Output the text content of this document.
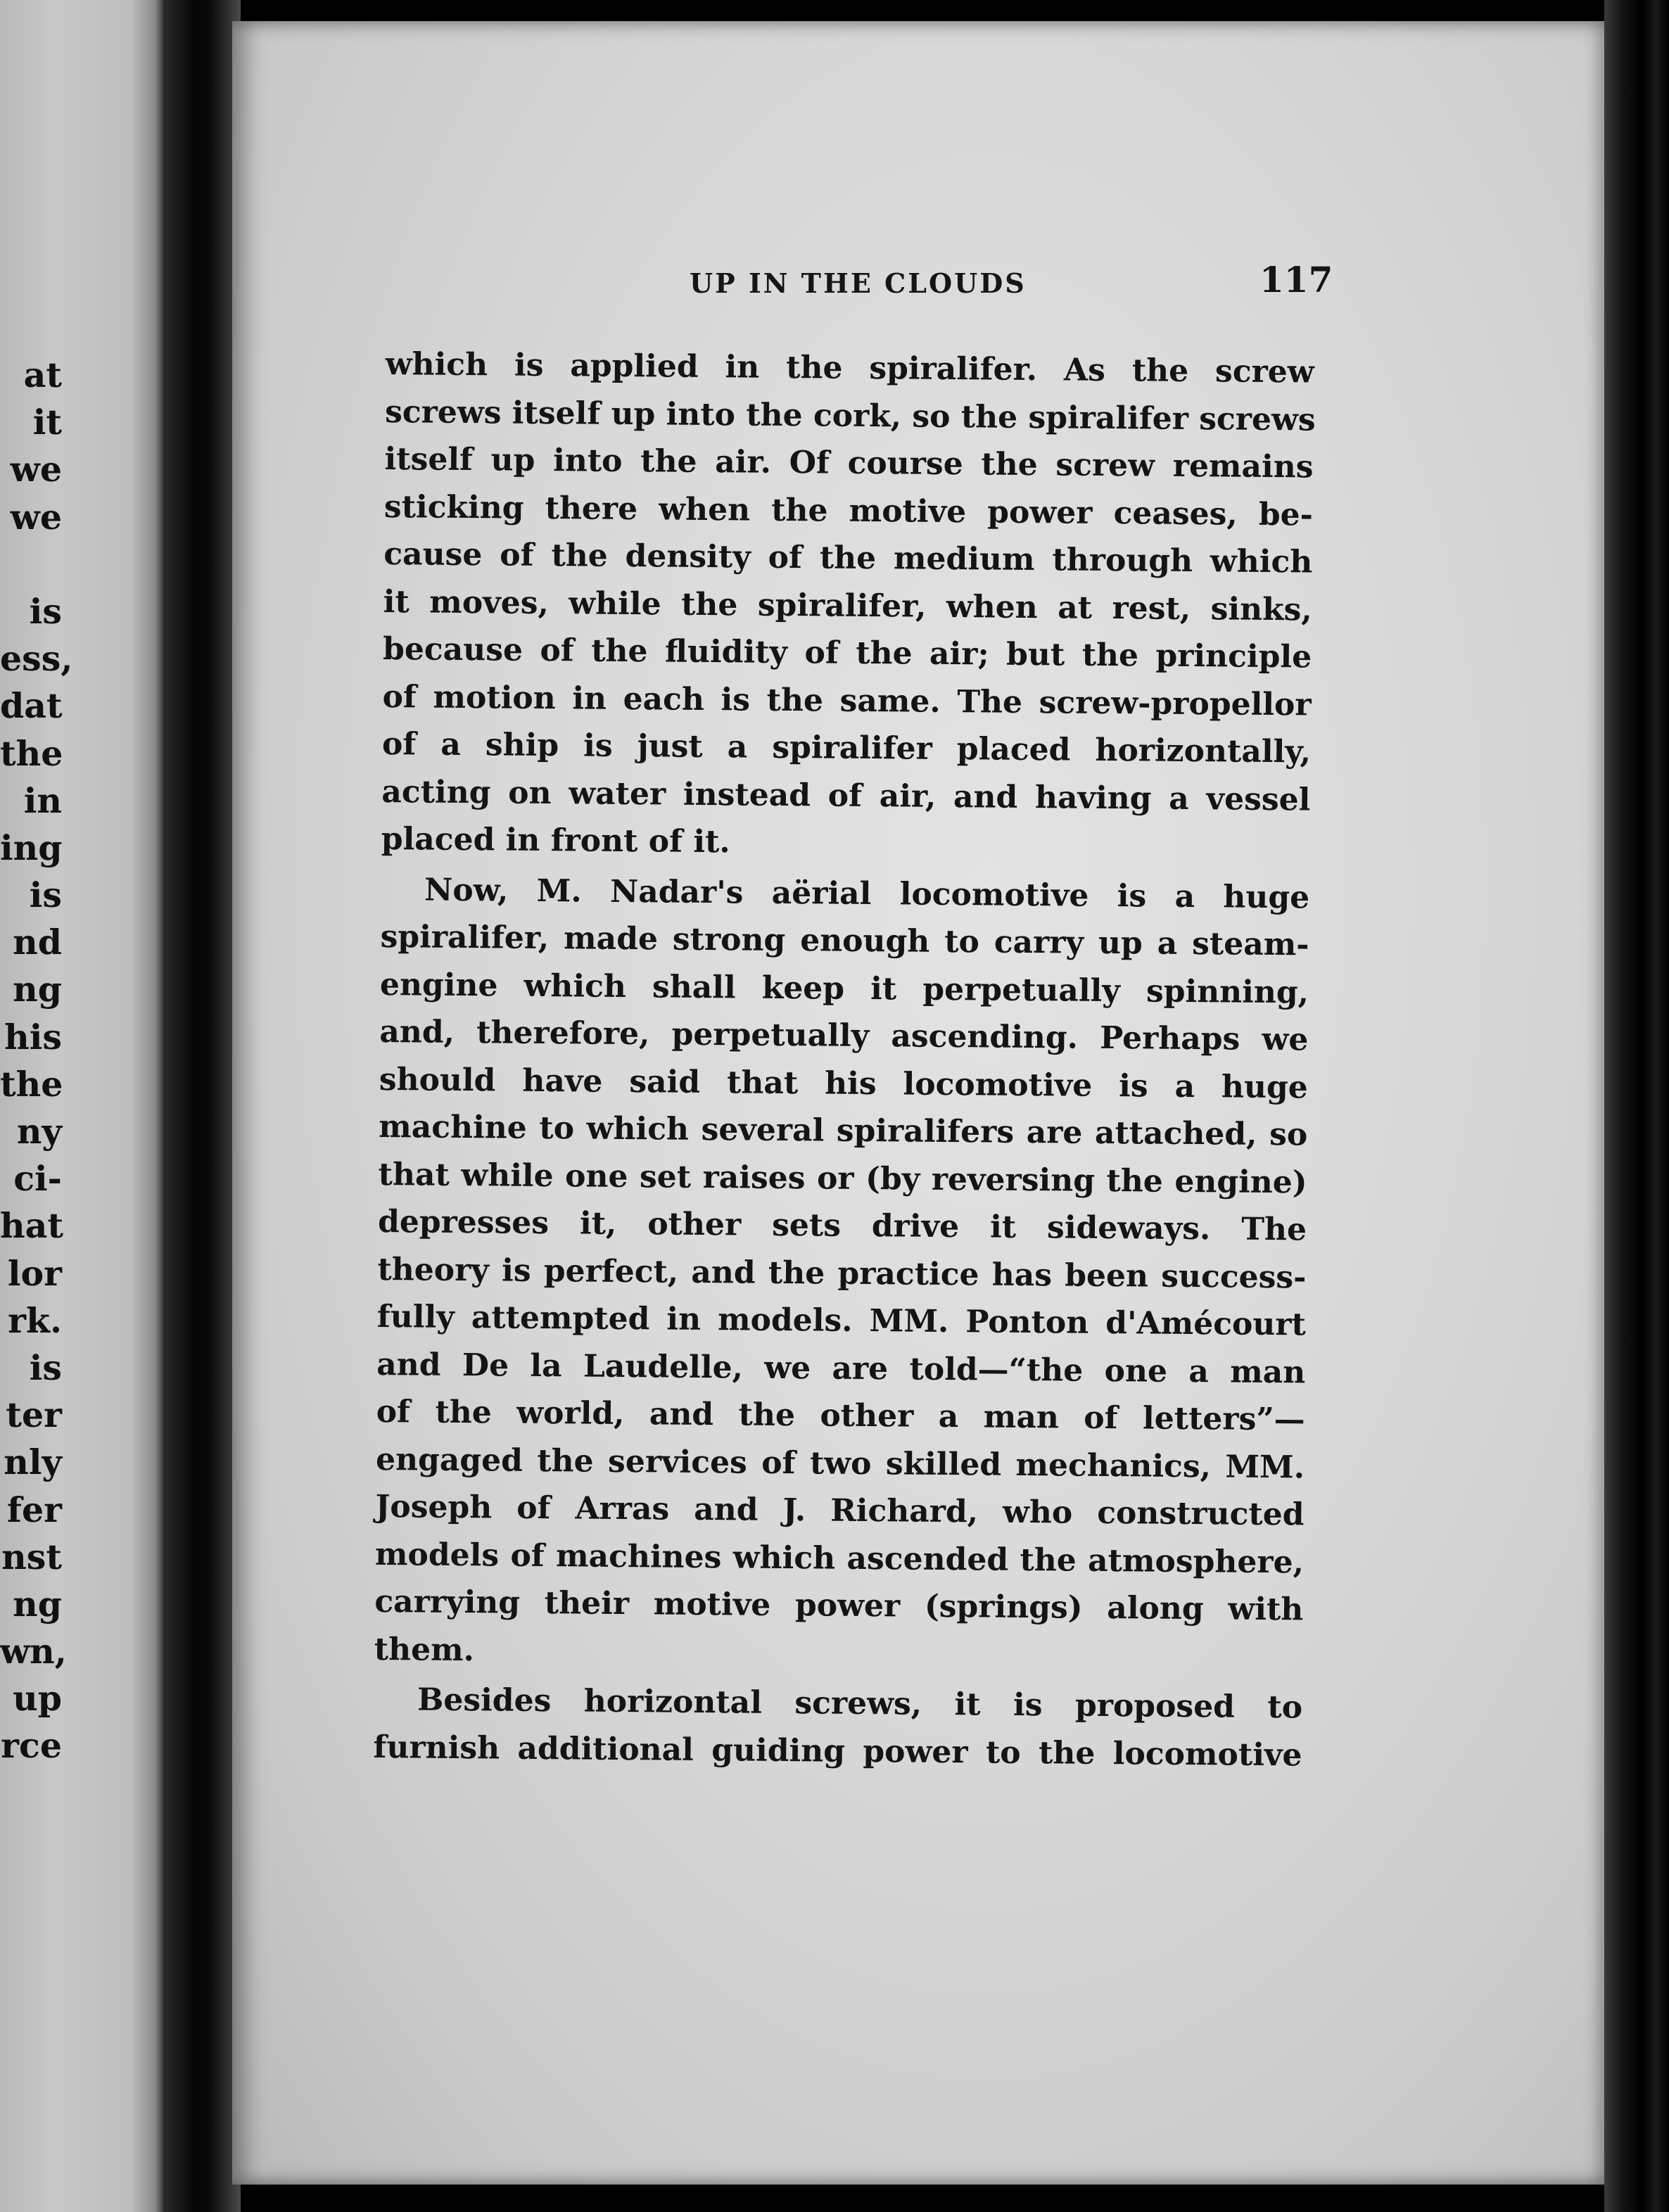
at
it
we
we
is
ess,
dat
the
in
ing
is
nd
ng
his
the
ny
ci-
hat
lor
rk.
is
ter
nly
fer
nst
ng
wn,
up
rce
UP IN THE CLOUDS	117
which is applied in the spiralifer. As the screw
screws itself up into the cork, so the spiralifer screws
itself up into the air. Of course the screw remains
sticking there when the motive power ceases, be-
cause of the density of the medium through which
it moves, while the spiralifer, when at rest, sinks,
because of the fluidity of the air; but the principle
of motion in each is the same. The screw-propellor
of a ship is just a spiralifer placed horizontally,
acting on water instead of air, and having a vessel
placed in front of it.
Now, M. Nadar's aërial locomotive is a huge
spiralifer, made strong enough to carry up a steam-
engine which shall keep it perpetually spinning,
and, therefore, perpetually ascending. Perhaps we
should have said that his locomotive is a huge
machine to which several spiralifers are attached, so
that while one set raises or (by reversing the engine)
depresses it, other sets drive it sideways. The
theory is perfect, and the practice has been success-
fully attempted in models. MM. Ponton d'Amécourt
and De la Laudelle, we are told—“the one a man
of the world, and the other a man of letters”—
engaged the services of two skilled mechanics, MM.
Joseph of Arras and J. Richard, who constructed
models of machines which ascended the atmosphere,
carrying their motive power (springs) along with
them.
Besides horizontal screws, it is proposed to
furnish additional guiding power to the locomotive
